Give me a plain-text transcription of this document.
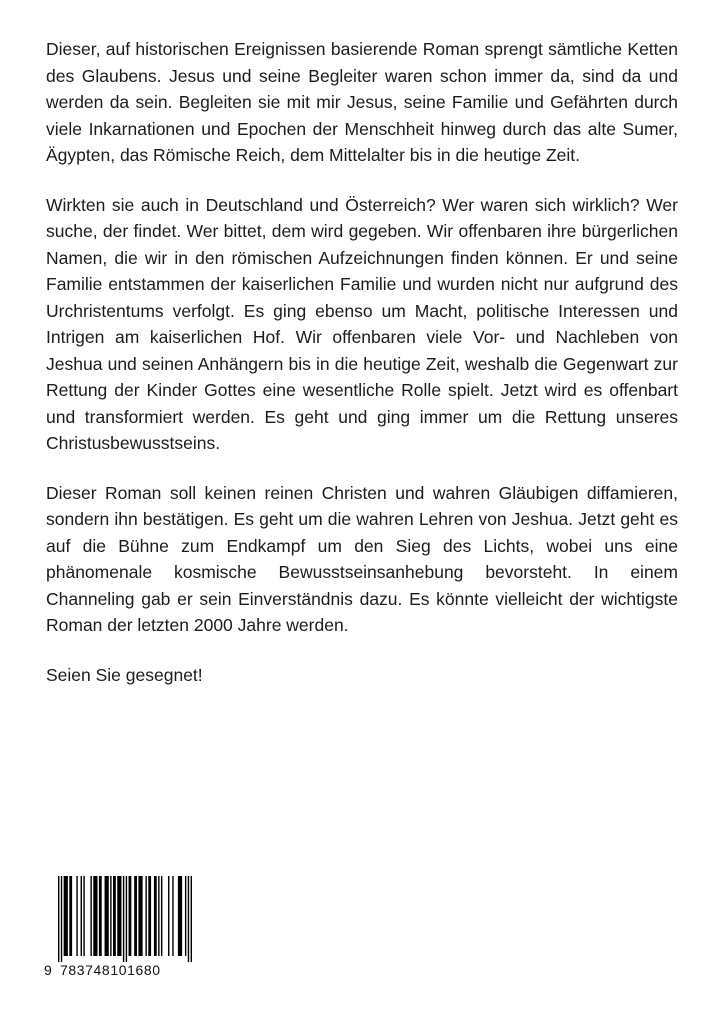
Dieser, auf historischen Ereignissen basierende Roman sprengt sämtliche Ketten des Glaubens. Jesus und seine Begleiter waren schon immer da, sind da und werden da sein. Begleiten sie mit mir Jesus, seine Familie und Gefährten durch viele Inkarnationen und Epochen der Menschheit hinweg durch das alte Sumer, Ägypten, das Römische Reich, dem Mittelalter bis in die heutige Zeit.

Wirkten sie auch in Deutschland und Österreich? Wer waren sich wirklich? Wer suche, der findet. Wer bittet, dem wird gegeben. Wir offenbaren ihre bürgerlichen Namen, die wir in den römischen Aufzeichnungen finden können. Er und seine Familie entstammen der kaiserlichen Familie und wurden nicht nur aufgrund des Urchristentums verfolgt. Es ging ebenso um Macht, politische Interessen und Intrigen am kaiserlichen Hof. Wir offenbaren viele Vor- und Nachleben von Jeshua und seinen Anhängern bis in die heutige Zeit, weshalb die Gegenwart zur Rettung der Kinder Gottes eine wesentliche Rolle spielt. Jetzt wird es offenbart und transformiert werden. Es geht und ging immer um die Rettung unseres Christusbewusstseins.

Dieser Roman soll keinen reinen Christen und wahren Gläubigen diffamieren, sondern ihn bestätigen. Es geht um die wahren Lehren von Jeshua. Jetzt geht es auf die Bühne zum Endkampf um den Sieg des Lichts, wobei uns eine phänomenale kosmische Bewusstseinsanhebung bevorsteht. In einem Channeling gab er sein Einverständnis dazu. Es könnte vielleicht der wichtigste Roman der letzten 2000 Jahre werden.

Seien Sie gesegnet!

9 783748101680
